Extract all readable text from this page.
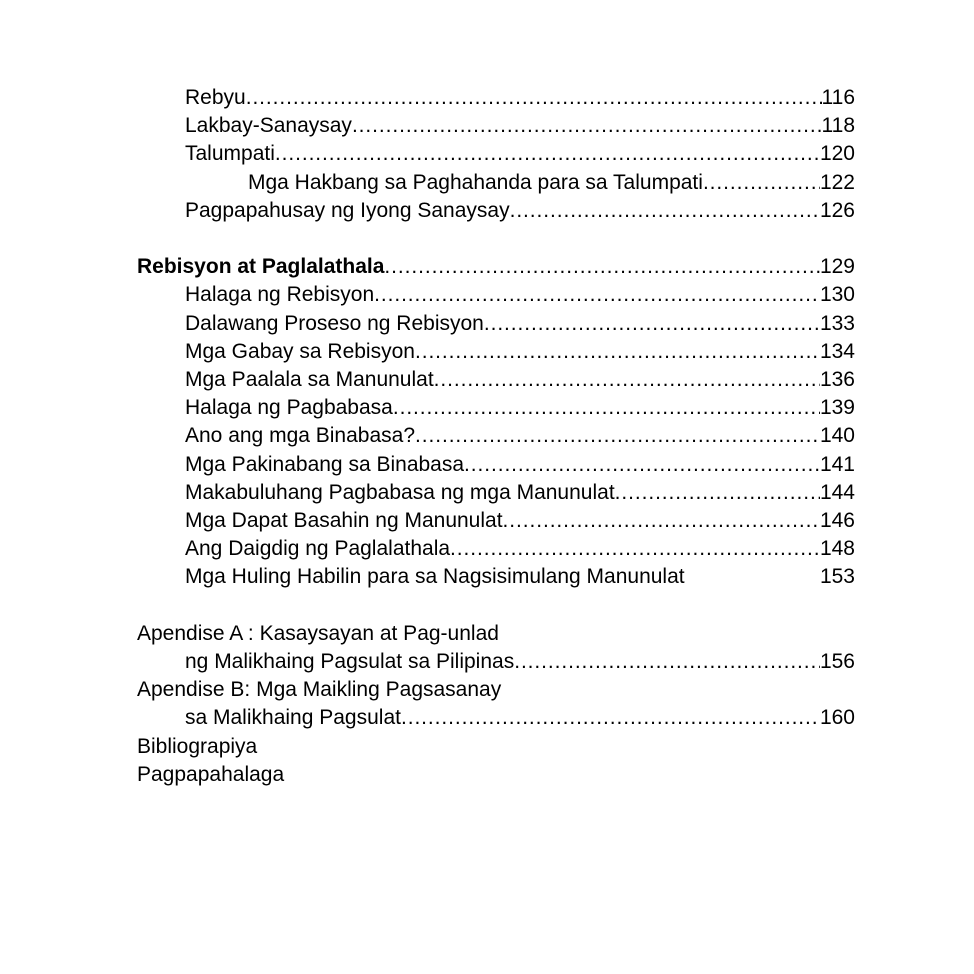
Rebyu .....	116
Lakbay-Sanaysay .....	118
Talumpati .....	120
Mga Hakbang sa Paghahanda para sa Talumpati .....	122
Pagpapahusay ng Iyong Sanaysay .....	126
Rebisyon at Paglalathala .....	129
Halaga ng Rebisyon .....	130
Dalawang Proseso ng Rebisyon .....	133
Mga Gabay sa Rebisyon .....	134
Mga Paalala sa Manunulat .....	136
Halaga ng Pagbabasa .....	139
Ano ang mga Binabasa? .....	140
Mga Pakinabang sa Binabasa .....	141
Makabuluhang Pagbabasa ng mga Manunulat .....	144
Mga Dapat Basahin ng Manunulat .....	146
Ang Daigdig ng Paglalathala .....	148
Mga Huling Habilin para sa Nagsisimulang Manunulat	153
Apendise A : Kasaysayan at Pag-unlad
ng Malikhaing Pagsulat sa Pilipinas .....	156
Apendise B: Mga Maikling Pagsasanay
sa Malikhaing Pagsulat .....	160
Bibliograpiya
Pagpapahalaga
